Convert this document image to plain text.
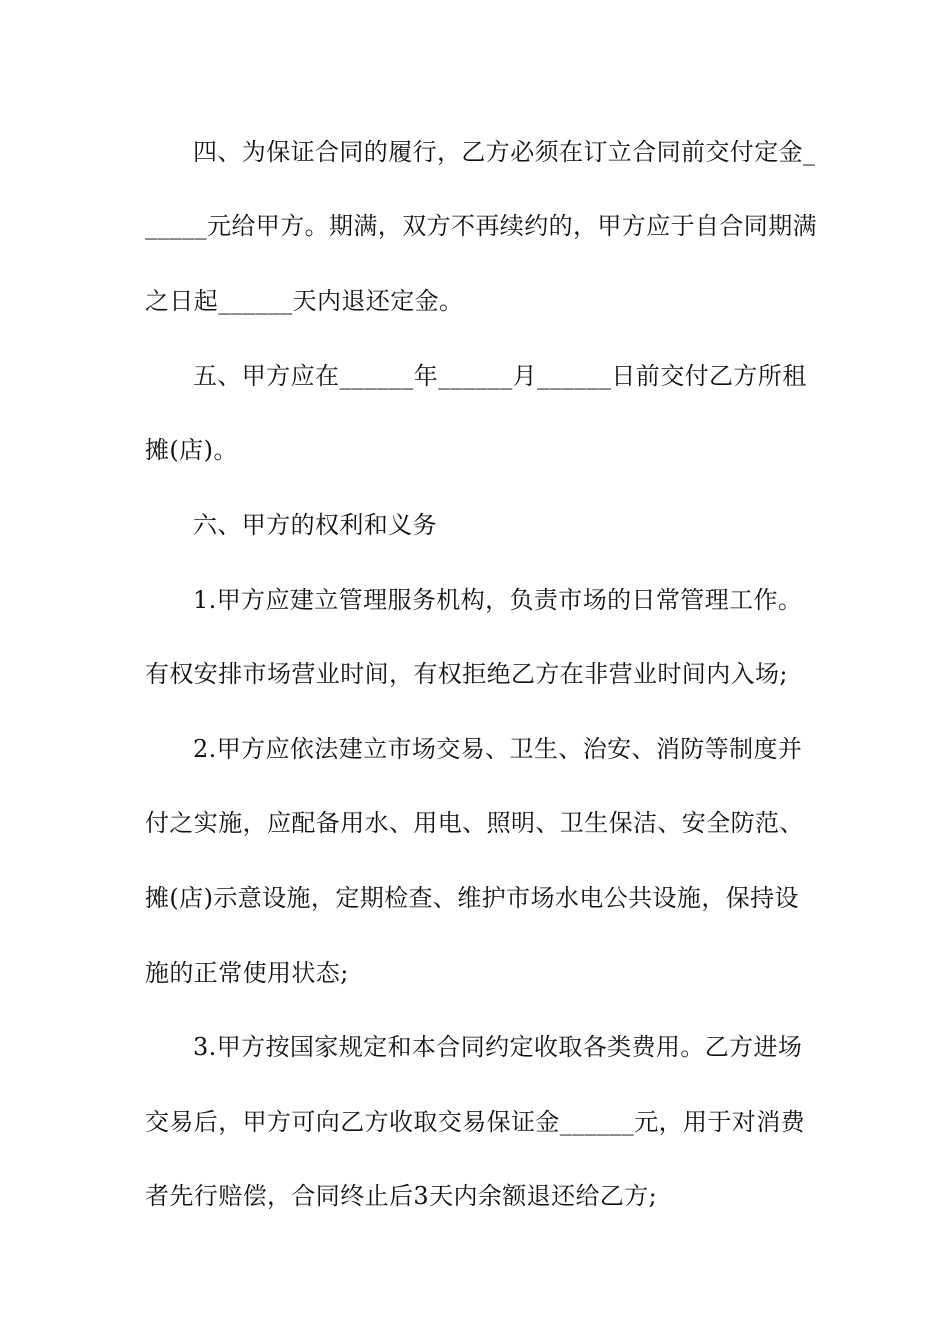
四、为保证合同的履行，乙方必须在订立合同前交付定金_
_____元给甲方。期满，双方不再续约的，甲方应于自合同期满
之日起______天内退还定金。
五、甲方应在______年______月______日前交付乙方所租
摊(店)。
六、甲方的权利和义务
1.甲方应建立管理服务机构，负责市场的日常管理工作。
有权安排市场营业时间，有权拒绝乙方在非营业时间内入场;
2.甲方应依法建立市场交易、卫生、治安、消防等制度并
付之实施，应配备用水、用电、照明、卫生保洁、安全防范、
摊(店)示意设施，定期检查、维护市场水电公共设施，保持设
施的正常使用状态;
3.甲方按国家规定和本合同约定收取各类费用。乙方进场
交易后，甲方可向乙方收取交易保证金______元，用于对消费
者先行赔偿，合同终止后3天内余额退还给乙方;
